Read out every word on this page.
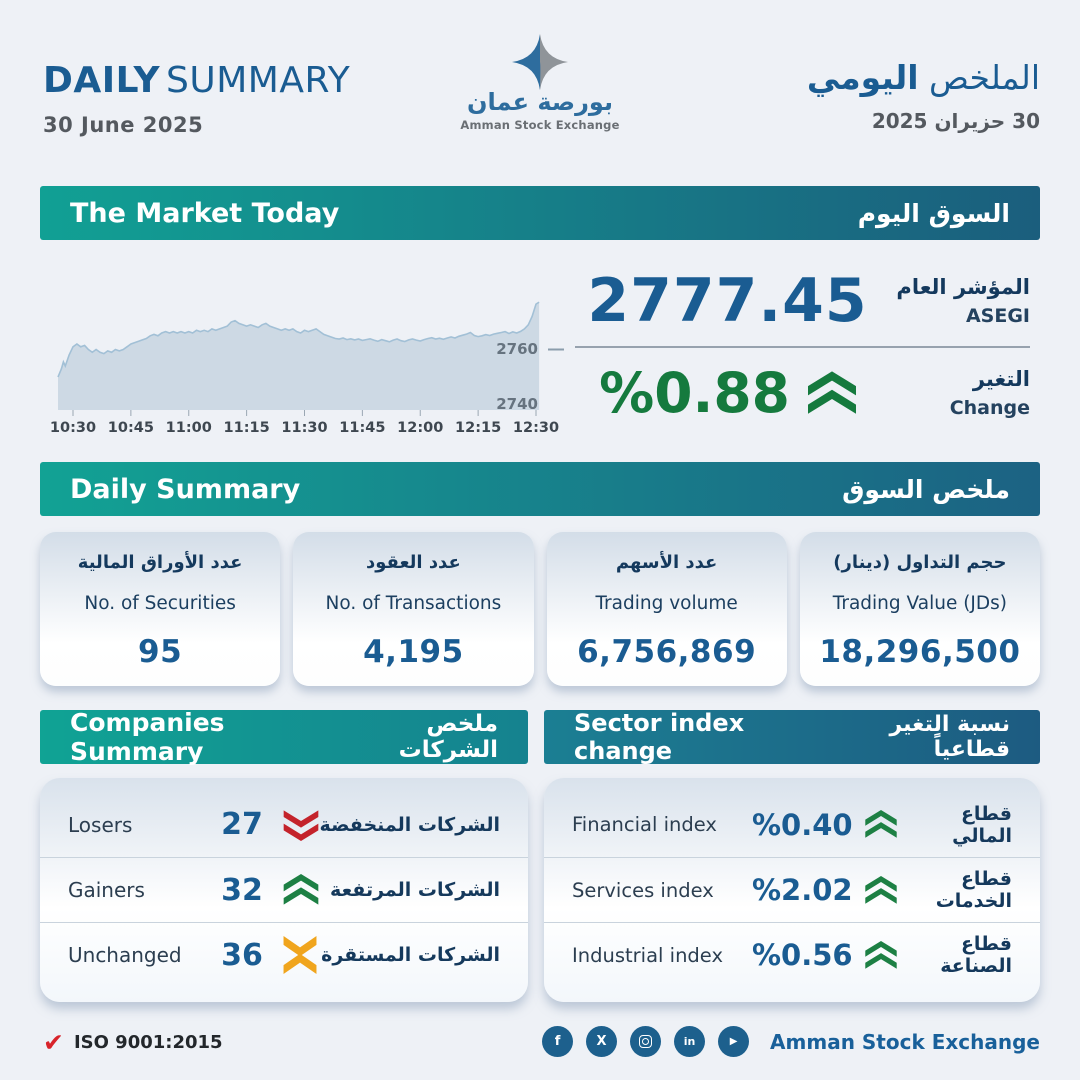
DAILY SUMMARY
30 June 2025
بورصة عمان
Amman Stock Exchange
الملخص اليومي
30 حزيران 2025
The Market Today	السوق اليوم
2760
2740
10:30 10:45 11:00 11:15 11:30 11:45 12:00 12:15 12:30
2777.45	المؤشر العام
ASEGI
%0.88	التغير
Change
Daily Summary	ملخص السوق
عدد الأوراق المالية
No. of Securities
95
عدد العقود
No. of Transactions
4,195
عدد الأسهم
Trading volume
6,756,869
حجم التداول (دينار)
Trading Value (JDs)
18,296,500
Companies Summary
ملخص الشركات
Sector index change
نسبة التغير قطاعياً
Losers	27	الشركات المنخفضة
Gainers	32	الشركات المرتفعة
Unchanged	36	الشركات المستقرة
Financial index	%0.40	قطاع المالي
Services index	%2.02	قطاع الخدمات
Industrial index %0.56	قطاع الصناعة
✔ ISO 9001:2015	f	X	in	▶	Amman Stock Exchange
